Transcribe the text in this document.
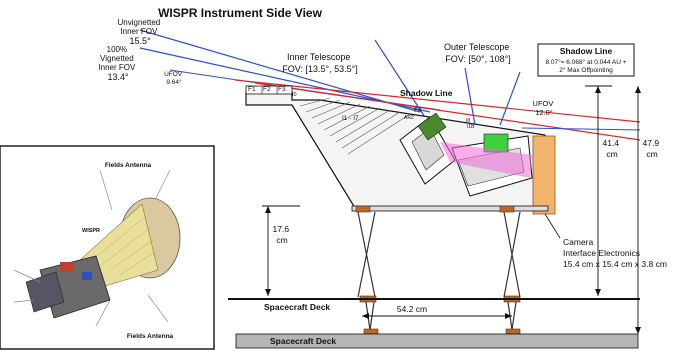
WISPR Instrument Side View
Unvignetted Inner FOV 15.5°
100% Vignetted Inner FOV 13.4°	UFOV 9.64°
Inner Telescope FOV: [13.5°, 53.5°]
Outer Telescope FOV: [50°, 108°]
UFOV 12.0°
Shadow Line
8.07°= 6.068° at 0.044 AU +
2° Max Offpointing
Shadow Line
F1 F2 F3
I0
I1 - I7
F4
AR2	I8
I1B
Spacecraft Deck
Spacecraft Deck
17.6 cm
41.4 cm
47.9 cm
54.2 cm
Camera Interface Electronics 15.4 cm x 15.4 cm x 3.8 cm
Fields Antenna
WISPR
Fields Antenna
